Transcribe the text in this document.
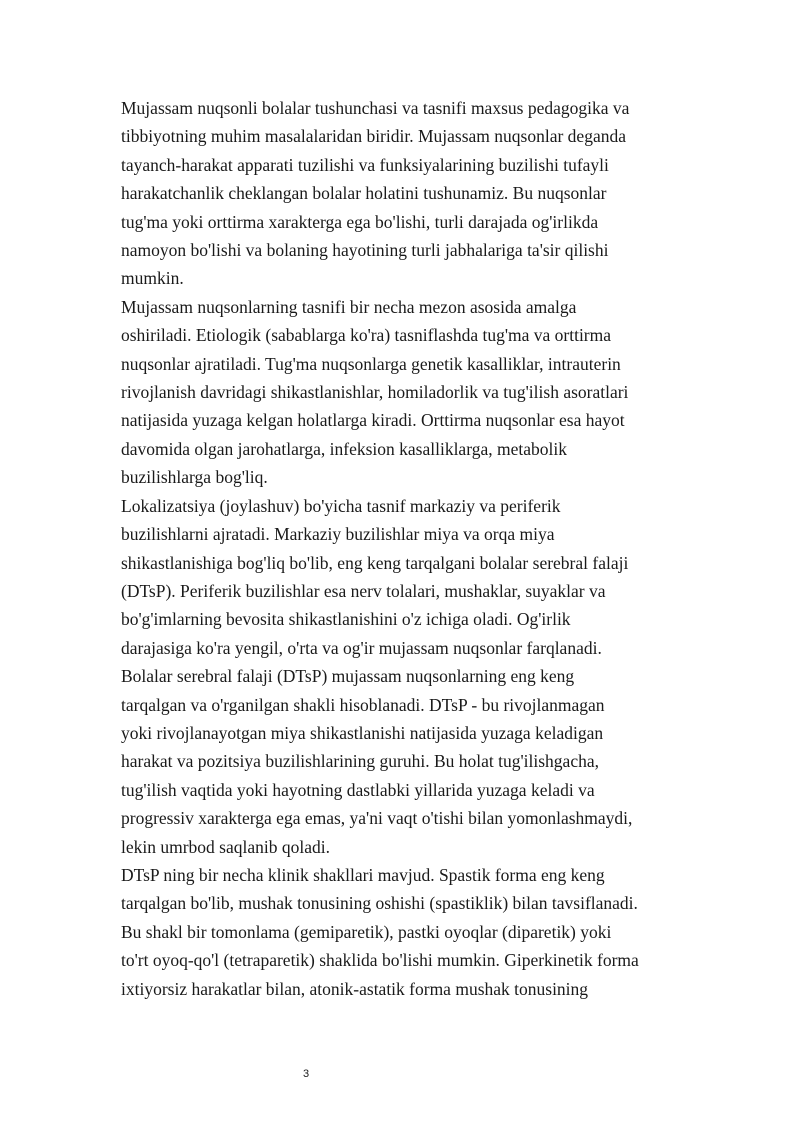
Mujassam nuqsonli bolalar tushunchasi va tasnifi maxsus pedagogika va
tibbiyotning muhim masalalaridan biridir. Mujassam nuqsonlar deganda
tayanch-harakat apparati tuzilishi va funksiyalarining buzilishi tufayli
harakatchanlik cheklangan bolalar holatini tushunamiz. Bu nuqsonlar
tug'ma yoki orttirma xarakterga ega bo'lishi, turli darajada og'irlikda
namoyon bo'lishi va bolaning hayotining turli jabhalariga ta'sir qilishi
mumkin.
Mujassam nuqsonlarning tasnifi bir necha mezon asosida amalga
oshiriladi. Etiologik (sabablarga ko'ra) tasniflashda tug'ma va orttirma
nuqsonlar ajratiladi. Tug'ma nuqsonlarga genetik kasalliklar, intrauterin
rivojlanish davridagi shikastlanishlar, homiladorlik va tug'ilish asoratlari
natijasida yuzaga kelgan holatlarga kiradi. Orttirma nuqsonlar esa hayot
davomida olgan jarohatlarga, infeksion kasalliklarga, metabolik
buzilishlarga bog'liq.
Lokalizatsiya (joylashuv) bo'yicha tasnif markaziy va periferik
buzilishlarni ajratadi. Markaziy buzilishlar miya va orqa miya
shikastlanishiga bog'liq bo'lib, eng keng tarqalgani bolalar serebral falaji
(DTsP). Periferik buzilishlar esa nerv tolalari, mushaklar, suyaklar va
bo'g'imlarning bevosita shikastlanishini o'z ichiga oladi. Og'irlik
darajasiga ko'ra yengil, o'rta va og'ir mujassam nuqsonlar farqlanadi.
Bolalar serebral falaji (DTsP) mujassam nuqsonlarning eng keng
tarqalgan va o'rganilgan shakli hisoblanadi. DTsP - bu rivojlanmagan
yoki rivojlanayotgan miya shikastlanishi natijasida yuzaga keladigan
harakat va pozitsiya buzilishlarining guruhi. Bu holat tug'ilishgacha,
tug'ilish vaqtida yoki hayotning dastlabki yillarida yuzaga keladi va
progressiv xarakterga ega emas, ya'ni vaqt o'tishi bilan yomonlashmaydi,
lekin umrbod saqlanib qoladi.
DTsP ning bir necha klinik shakllari mavjud. Spastik forma eng keng
tarqalgan bo'lib, mushak tonusining oshishi (spastiklik) bilan tavsiflanadi.
Bu shakl bir tomonlama (gemiparetik), pastki oyoqlar (diparetik) yoki
to'rt oyoq-qo'l (tetraparetik) shaklida bo'lishi mumkin. Giperkinetik forma
ixtiyorsiz harakatlar bilan, atonik-astatik forma mushak tonusining
3
